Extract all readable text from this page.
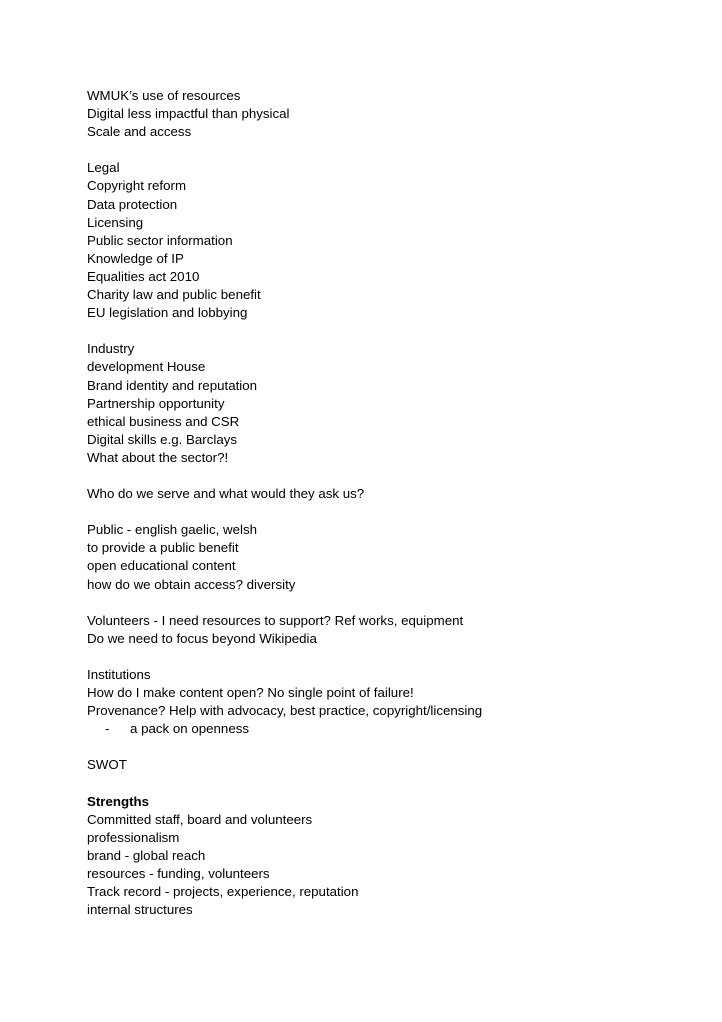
WMUK’s use of resources
Digital less impactful than physical
Scale and access
Legal
Copyright reform
Data protection
Licensing
Public sector information
Knowledge of IP
Equalities act 2010
Charity law and public benefit
EU legislation and lobbying
Industry
development House
Brand identity and reputation
Partnership opportunity
ethical business and CSR
Digital skills e.g. Barclays
What about the sector?!
Who do we serve and what would they ask us?
Public - english gaelic, welsh
to provide a public benefit
open educational content
how do we obtain access? diversity
Volunteers - I need resources to support? Ref works, equipment
Do we need to focus beyond Wikipedia
Institutions
How do I make content open? No single point of failure!
Provenance? Help with advocacy, best practice, copyright/licensing
-	a pack on openness
SWOT
Strengths
Committed staff, board and volunteers
professionalism
brand - global reach
resources - funding, volunteers
Track record - projects, experience, reputation
internal structures
